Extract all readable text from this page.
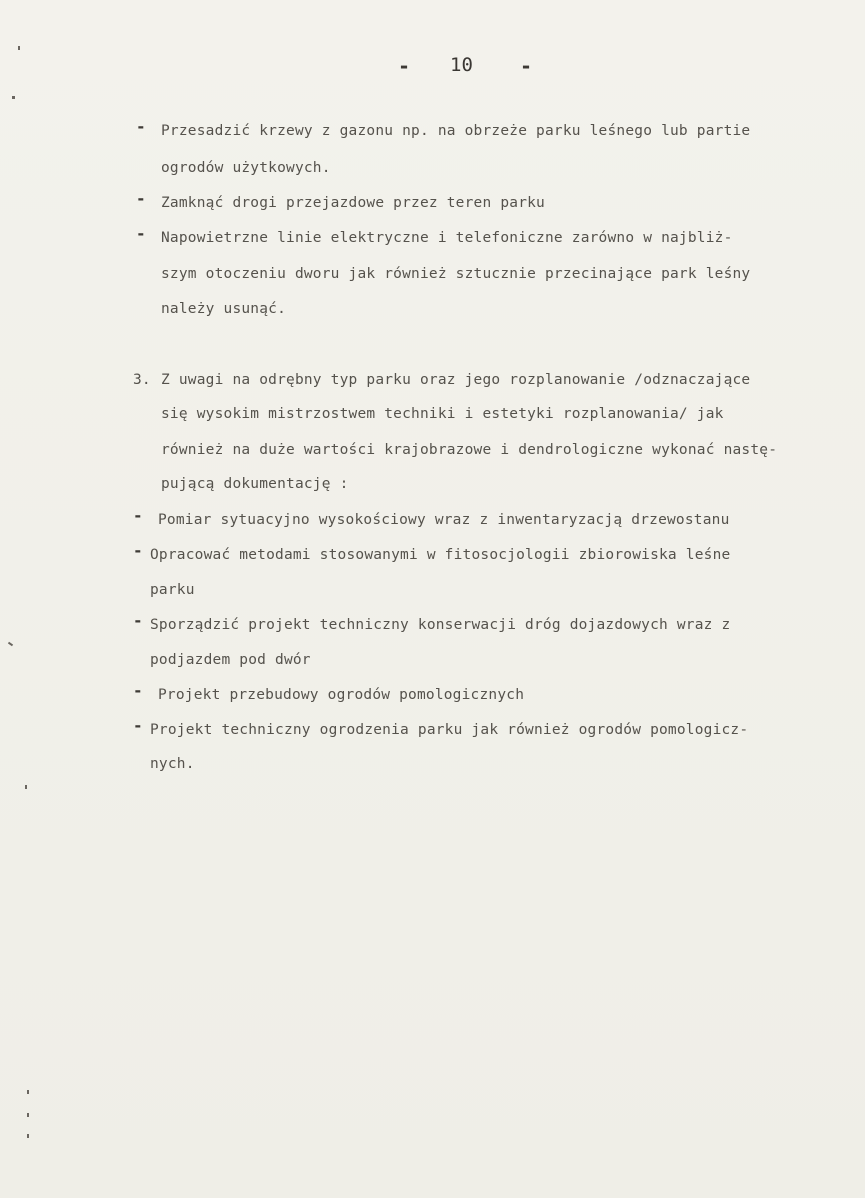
- 10 -
- Przesadzić krzewy z gazonu np. na obrzeże parku leśnego lub partie

ogrodów użytkowych.

- Zamknąć drogi przejazdowe przez teren parku

- Napowietrzne linie elektryczne i telefoniczne zarówno w najbliż-

szym otoczeniu dworu jak również sztucznie przecinające park leśny

należy usunąć.

3. Z uwagi na odrębny typ parku oraz jego rozplanowanie /odznaczające

się wysokim mistrzostwem techniki i estetyki rozplanowania/ jak

również na duże wartości krajobrazowe i dendrologiczne wykonać nastę-

pującą dokumentację :

- Pomiar sytuacyjno wysokościowy wraz z inwentaryzacją drzewostanu

- Opracować metodami stosowanymi w fitosocjologii zbiorowiska leśne

parku

- Sporządzić projekt techniczny konserwacji dróg dojazdowych wraz z

podjazdem pod dwór

- Projekt przebudowy ogrodów pomologicznych

- Projekt techniczny ogrodzenia parku jak również ogrodów pomologicz-

nych.
